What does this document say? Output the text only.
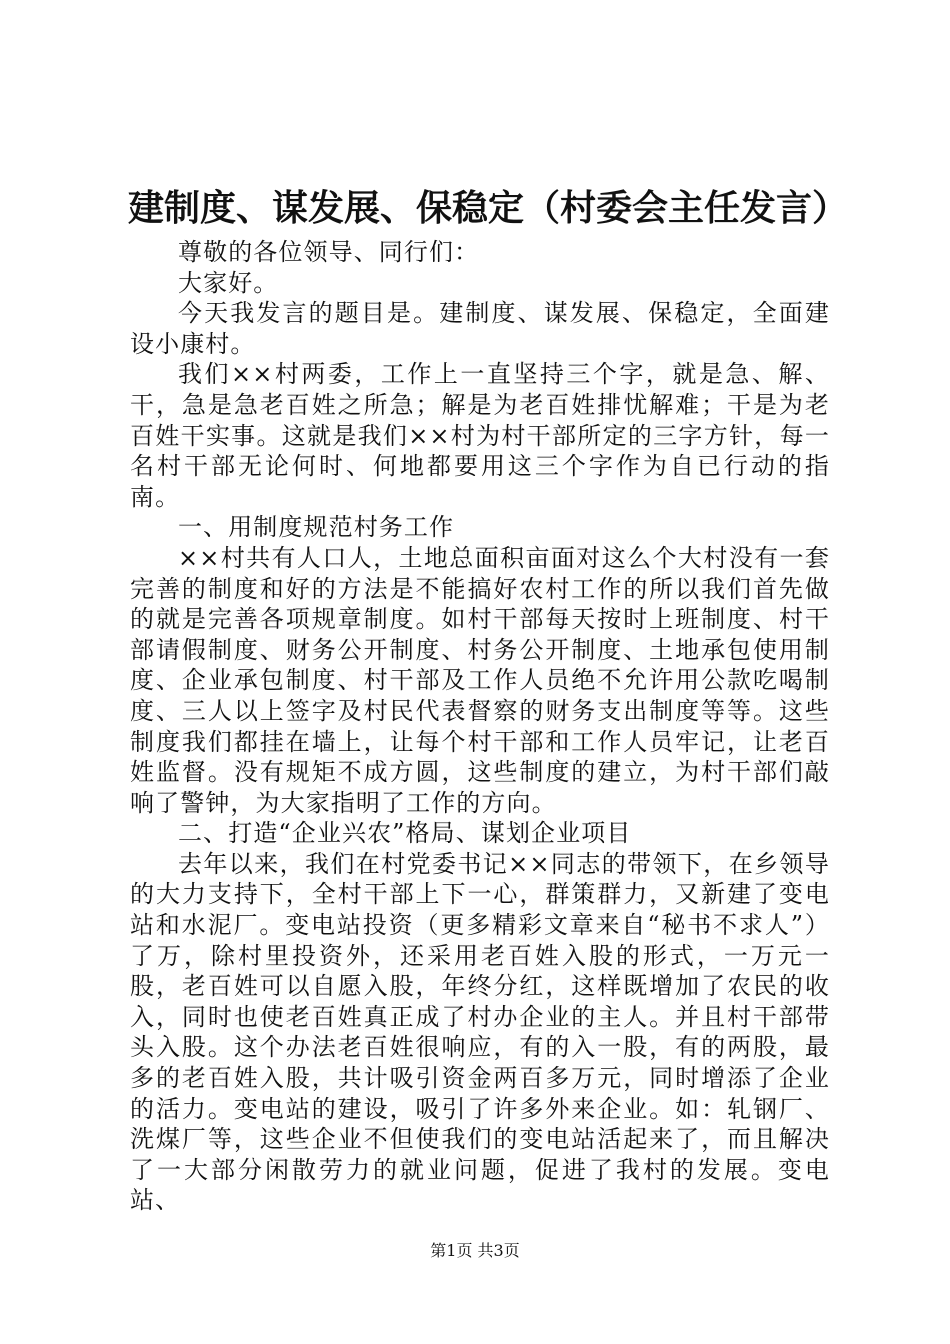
建制度、谋发展、保稳定（村委会主任发言）

尊敬的各位领导、同行们：

大家好。

今天我发言的题目是。建制度、谋发展、保稳定，全面建设小康村。

我们××村两委，工作上一直坚持三个字，就是急、解、干，急是急老百姓之所急；解是为老百姓排忧解难；干是为老百姓干实事。这就是我们××村为村干部所定的三字方针，每一名村干部无论何时、何地都要用这三个字作为自已行动的指南。

一、用制度规范村务工作

××村共有人口人，土地总面积亩面对这么个大村没有一套完善的制度和好的方法是不能搞好农村工作的所以我们首先做的就是完善各项规章制度。如村干部每天按时上班制度、村干部请假制度、财务公开制度、村务公开制度、土地承包使用制度、企业承包制度、村干部及工作人员绝不允许用公款吃喝制度、三人以上签字及村民代表督察的财务支出制度等等。这些制度我们都挂在墙上，让每个村干部和工作人员牢记，让老百姓监督。没有规矩不成方圆，这些制度的建立，为村干部们敲响了警钟，为大家指明了工作的方向。

二、打造“企业兴农”格局、谋划企业项目

去年以来，我们在村党委书记××同志的带领下，在乡领导的大力支持下，全村干部上下一心，群策群力，又新建了变电站和水泥厂。变电站投资（更多精彩文章来自“秘书不求人”）了万，除村里投资外，还采用老百姓入股的形式，一万元一股，老百姓可以自愿入股，年终分红，这样既增加了农民的收入，同时也使老百姓真正成了村办企业的主人。并且村干部带头入股。这个办法老百姓很响应，有的入一股，有的两股，最多的老百姓入股，共计吸引资金两百多万元，同时增添了企业的活力。变电站的建设，吸引了许多外来企业。如：轧钢厂、洗煤厂等，这些企业不但使我们的变电站活起来了，而且解决了一大部分闲散劳力的就业问题，促进了我村的发展。变电站、

第1页 共3页
